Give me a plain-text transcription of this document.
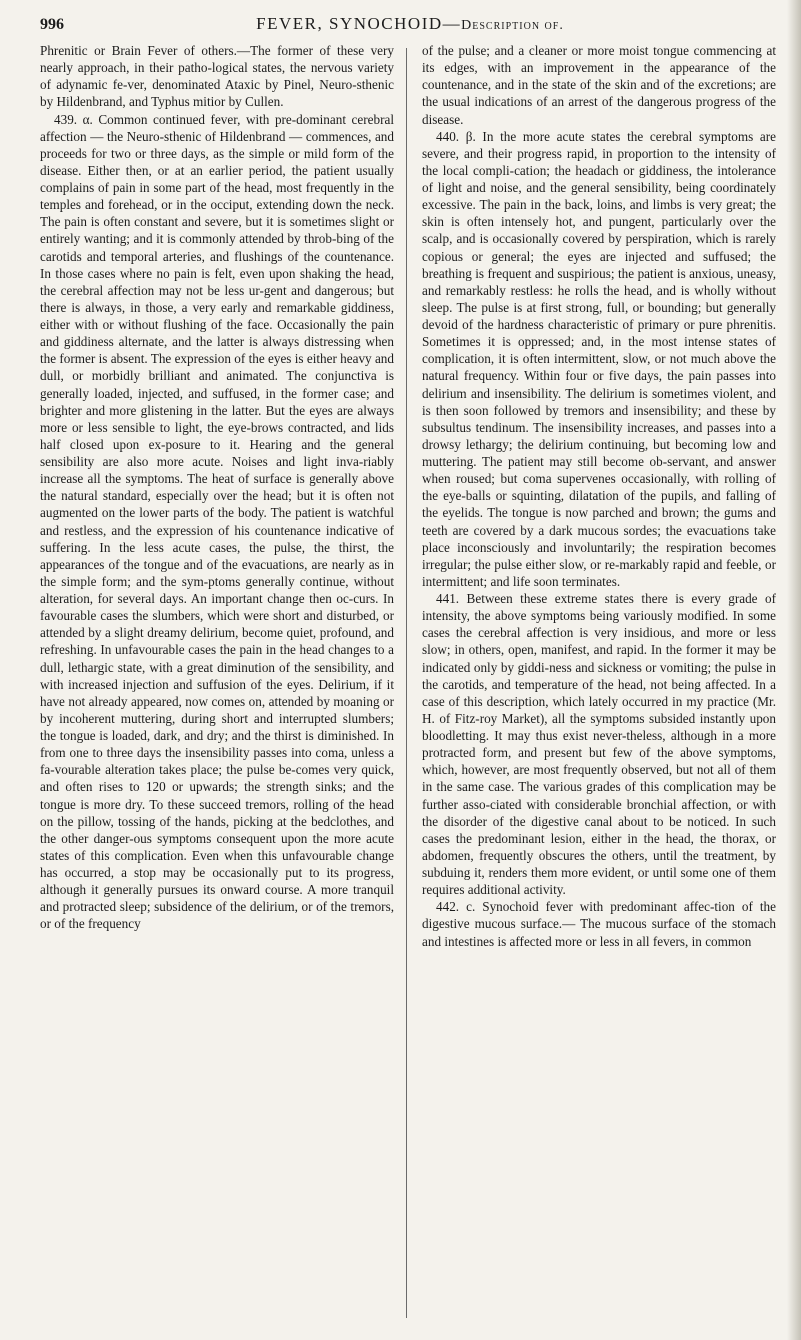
996	FEVER, SYNOCHOID—Description of.

Phrenitic or Brain Fever of others.—The former of these very nearly approach, in their patho-logical states, the nervous variety of adynamic fe-ver, denominated Ataxic by Pinel, Neuro-sthenic by Hildenbrand, and Typhus mitior by Cullen.

439. α. Common continued fever, with pre-dominant cerebral affection — the Neuro-sthenic of Hildenbrand — commences, and proceeds for two or three days, as the simple or mild form of the disease. Either then, or at an earlier period, the patient usually complains of pain in some part of the head, most frequently in the temples and forehead, or in the occiput, extending down the neck. The pain is often constant and severe, but it is sometimes slight or entirely wanting; and it is commonly attended by throb-bing of the carotids and temporal arteries, and flushings of the countenance. In those cases where no pain is felt, even upon shaking the head, the cerebral affection may not be less ur-gent and dangerous; but there is always, in those, a very early and remarkable giddiness, either with or without flushing of the face. Occasionally the pain and giddiness alternate, and the latter is always distressing when the former is absent. The expression of the eyes is either heavy and dull, or morbidly brilliant and animated. The conjunctiva is generally loaded, injected, and suffused, in the former case; and brighter and more glistening in the latter. But the eyes are always more or less sensible to light, the eye-brows contracted, and lids half closed upon ex-posure to it. Hearing and the general sensibility are also more acute. Noises and light inva-riably increase all the symptoms. The heat of surface is generally above the natural standard, especially over the head; but it is often not augmented on the lower parts of the body. The patient is watchful and restless, and the expression of his countenance indicative of suffering. In the less acute cases, the pulse, the thirst, the appearances of the tongue and of the evacuations, are nearly as in the simple form; and the sym-ptoms generally continue, without alteration, for several days. An important change then oc-curs. In favourable cases the slumbers, which were short and disturbed, or attended by a slight dreamy delirium, become quiet, profound, and refreshing. In unfavourable cases the pain in the head changes to a dull, lethargic state, with a great diminution of the sensibility, and with increased injection and suffusion of the eyes. Delirium, if it have not already appeared, now comes on, attended by moaning or by incoherent muttering, during short and interrupted slumbers; the tongue is loaded, dark, and dry; and the thirst is diminished. In from one to three days the insensibility passes into coma, unless a fa-vourable alteration takes place; the pulse be-comes very quick, and often rises to 120 or upwards; the strength sinks; and the tongue is more dry. To these succeed tremors, rolling of the head on the pillow, tossing of the hands, picking at the bedclothes, and the other danger-ous symptoms consequent upon the more acute states of this complication. Even when this unfavourable change has occurred, a stop may be occasionally put to its progress, although it generally pursues its onward course. A more tranquil and protracted sleep; subsidence of the delirium, or of the tremors, or of the frequency

of the pulse; and a cleaner or more moist tongue commencing at its edges, with an improvement in the appearance of the countenance, and in the state of the skin and of the excretions; are the usual indications of an arrest of the dangerous progress of the disease.

440. β. In the more acute states the cerebral symptoms are severe, and their progress rapid, in proportion to the intensity of the local compli-cation; the headach or giddiness, the intolerance of light and noise, and the general sensibility, being coordinately excessive. The pain in the back, loins, and limbs is very great; the skin is often intensely hot, and pungent, particularly over the scalp, and is occasionally covered by perspiration, which is rarely copious or general; the eyes are injected and suffused; the breathing is frequent and suspirious; the patient is anxious, uneasy, and remarkably restless: he rolls the head, and is wholly without sleep. The pulse is at first strong, full, or bounding; but generally devoid of the hardness characteristic of primary or pure phrenitis. Sometimes it is oppressed; and, in the most intense states of complication, it is often intermittent, slow, or not much above the natural frequency. Within four or five days, the pain passes into delirium and insensibility. The delirium is sometimes violent, and is then soon followed by tremors and insensibility; and these by subsultus tendinum. The insensibility increases, and passes into a drowsy lethargy; the delirium continuing, but becoming low and muttering. The patient may still become ob-servant, and answer when roused; but coma supervenes occasionally, with rolling of the eye-balls or squinting, dilatation of the pupils, and falling of the eyelids. The tongue is now parched and brown; the gums and teeth are covered by a dark mucous sordes; the evacuations take place inconsciously and involuntarily; the respiration becomes irregular; the pulse either slow, or re-markably rapid and feeble, or intermittent; and life soon terminates.

441. Between these extreme states there is every grade of intensity, the above symptoms being variously modified. In some cases the cerebral affection is very insidious, and more or less slow; in others, open, manifest, and rapid. In the former it may be indicated only by giddi-ness and sickness or vomiting; the pulse in the carotids, and temperature of the head, not being affected. In a case of this description, which lately occurred in my practice (Mr. H. of Fitz-roy Market), all the symptoms subsided instantly upon bloodletting. It may thus exist never-theless, although in a more protracted form, and present but few of the above symptoms, which, however, are most frequently observed, but not all of them in the same case. The various grades of this complication may be further asso-ciated with considerable bronchial affection, or with the disorder of the digestive canal about to be noticed. In such cases the predominant lesion, either in the head, the thorax, or abdomen, frequently obscures the others, until the treatment, by subduing it, renders them more evident, or until some one of them requires additional activity.

442. c. Synochoid fever with predominant affec-tion of the digestive mucous surface.— The mucous surface of the stomach and intestines is affected more or less in all fevers, in common
